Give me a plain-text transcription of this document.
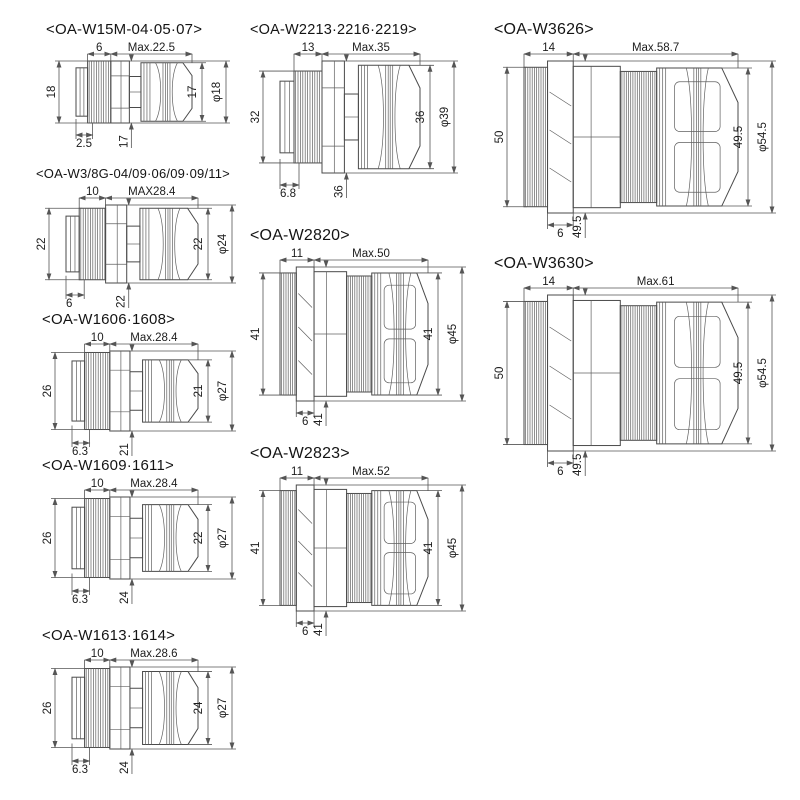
<OA-W15M-04·05·07>
6 Max.22.5
18	17 φ18
2.5 17
<OA-W3/8G-04/09·06/09·09/11>
10	MAX28.4
22	22 φ24
6	22
<OA-W1606·1608>
10 Max.28.4
26	21 φ27
6.3	21
<OA-W1609·1611>
10 Max.28.4
26	22 φ27
6.3	24
<OA-W1613·1614>
10 Max.28.6
26	24 φ27
6.3	24
<OA-W2213·2216·2219>
13	Max.35
32	36 φ39
6.8	36
<OA-W2820>
11	Max.50
41	41 φ45
6 41
<OA-W2823>
11	Max.52
41	41 φ45
6 41
<OA-W3626>
14	Max.58.7
50	49.5 φ54.5
6 49.5
<OA-W3630>
14	Max.61
50	49.5 φ54.5
6 49.5
